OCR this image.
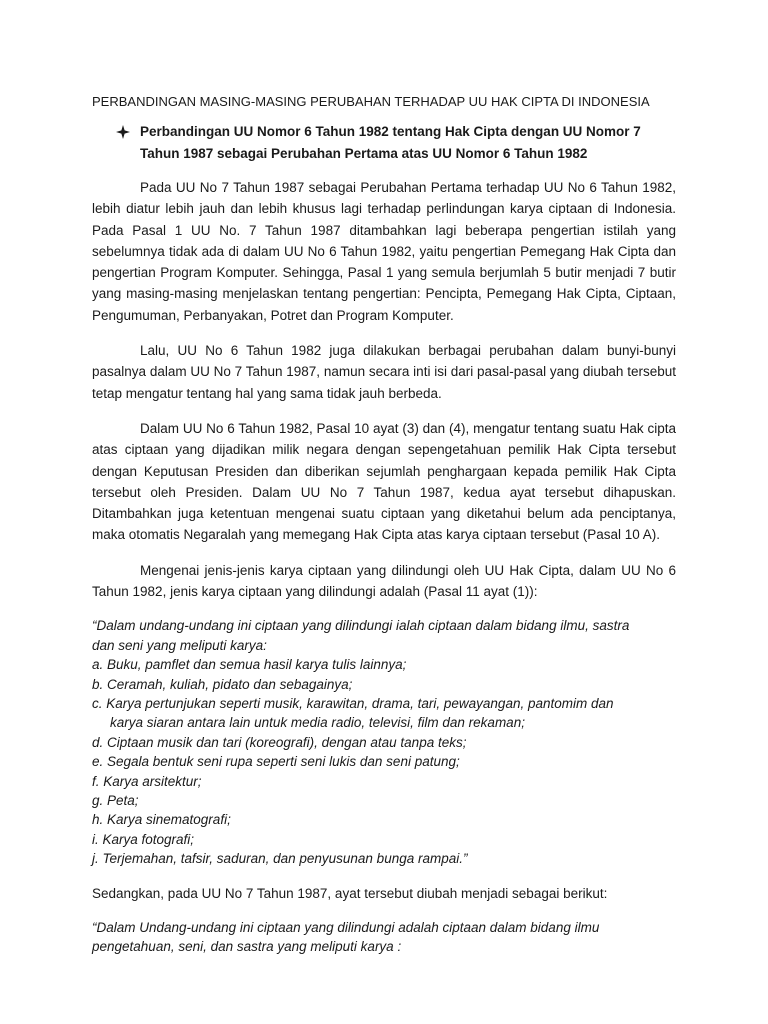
PERBANDINGAN MASING-MASING PERUBAHAN TERHADAP UU HAK CIPTA DI INDONESIA
Perbandingan UU Nomor 6 Tahun 1982 tentang Hak Cipta dengan UU Nomor 7
Tahun 1987 sebagai Perubahan Pertama atas UU Nomor 6 Tahun 1982

Pada UU No 7 Tahun 1987 sebagai Perubahan Pertama terhadap UU No 6 Tahun 1982, lebih diatur lebih jauh dan lebih khusus lagi terhadap perlindungan karya ciptaan di Indonesia. Pada Pasal 1 UU No. 7 Tahun 1987 ditambahkan lagi beberapa pengertian istilah yang sebelumnya tidak ada di dalam UU No 6 Tahun 1982, yaitu pengertian Pemegang Hak Cipta dan pengertian Program Komputer. Sehingga, Pasal 1 yang semula berjumlah 5 butir menjadi 7 butir yang masing-masing menjelaskan tentang pengertian: Pencipta, Pemegang Hak Cipta, Ciptaan, Pengumuman, Perbanyakan, Potret dan Program Komputer.

Lalu, UU No 6 Tahun 1982 juga dilakukan berbagai perubahan dalam bunyi-bunyi pasalnya dalam UU No 7 Tahun 1987, namun secara inti isi dari pasal-pasal yang diubah tersebut tetap mengatur tentang hal yang sama tidak jauh berbeda.

Dalam UU No 6 Tahun 1982, Pasal 10 ayat (3) dan (4), mengatur tentang suatu Hak cipta atas ciptaan yang dijadikan milik negara dengan sepengetahuan pemilik Hak Cipta tersebut dengan Keputusan Presiden dan diberikan sejumlah penghargaan kepada pemilik Hak Cipta tersebut oleh Presiden. Dalam UU No 7 Tahun 1987, kedua ayat tersebut dihapuskan. Ditambahkan juga ketentuan mengenai suatu ciptaan yang diketahui belum ada penciptanya, maka otomatis Negaralah yang memegang Hak Cipta atas karya ciptaan tersebut (Pasal 10 A).

Mengenai jenis-jenis karya ciptaan yang dilindungi oleh UU Hak Cipta, dalam UU No 6 Tahun 1982, jenis karya ciptaan yang dilindungi adalah (Pasal 11 ayat (1)):

“Dalam undang-undang ini ciptaan yang dilindungi ialah ciptaan dalam bidang ilmu, sastra
dan seni yang meliputi karya:

a. Buku, pamflet dan semua hasil karya tulis lainnya;
b. Ceramah, kuliah, pidato dan sebagainya;
c. Karya pertunjukan seperti musik, karawitan, drama, tari, pewayangan, pantomim dan
karya siaran antara lain untuk media radio, televisi, film dan rekaman;
d. Ciptaan musik dan tari (koreografi), dengan atau tanpa teks;
e. Segala bentuk seni rupa seperti seni lukis dan seni patung;
f. Karya arsitektur;
g. Peta;
h. Karya sinematografi;
i. Karya fotografi;
j. Terjemahan, tafsir, saduran, dan penyusunan bunga rampai.”

Sedangkan, pada UU No 7 Tahun 1987, ayat tersebut diubah menjadi sebagai berikut:

“Dalam Undang-undang ini ciptaan yang dilindungi adalah ciptaan dalam bidang ilmu
pengetahuan, seni, dan sastra yang meliputi karya :
